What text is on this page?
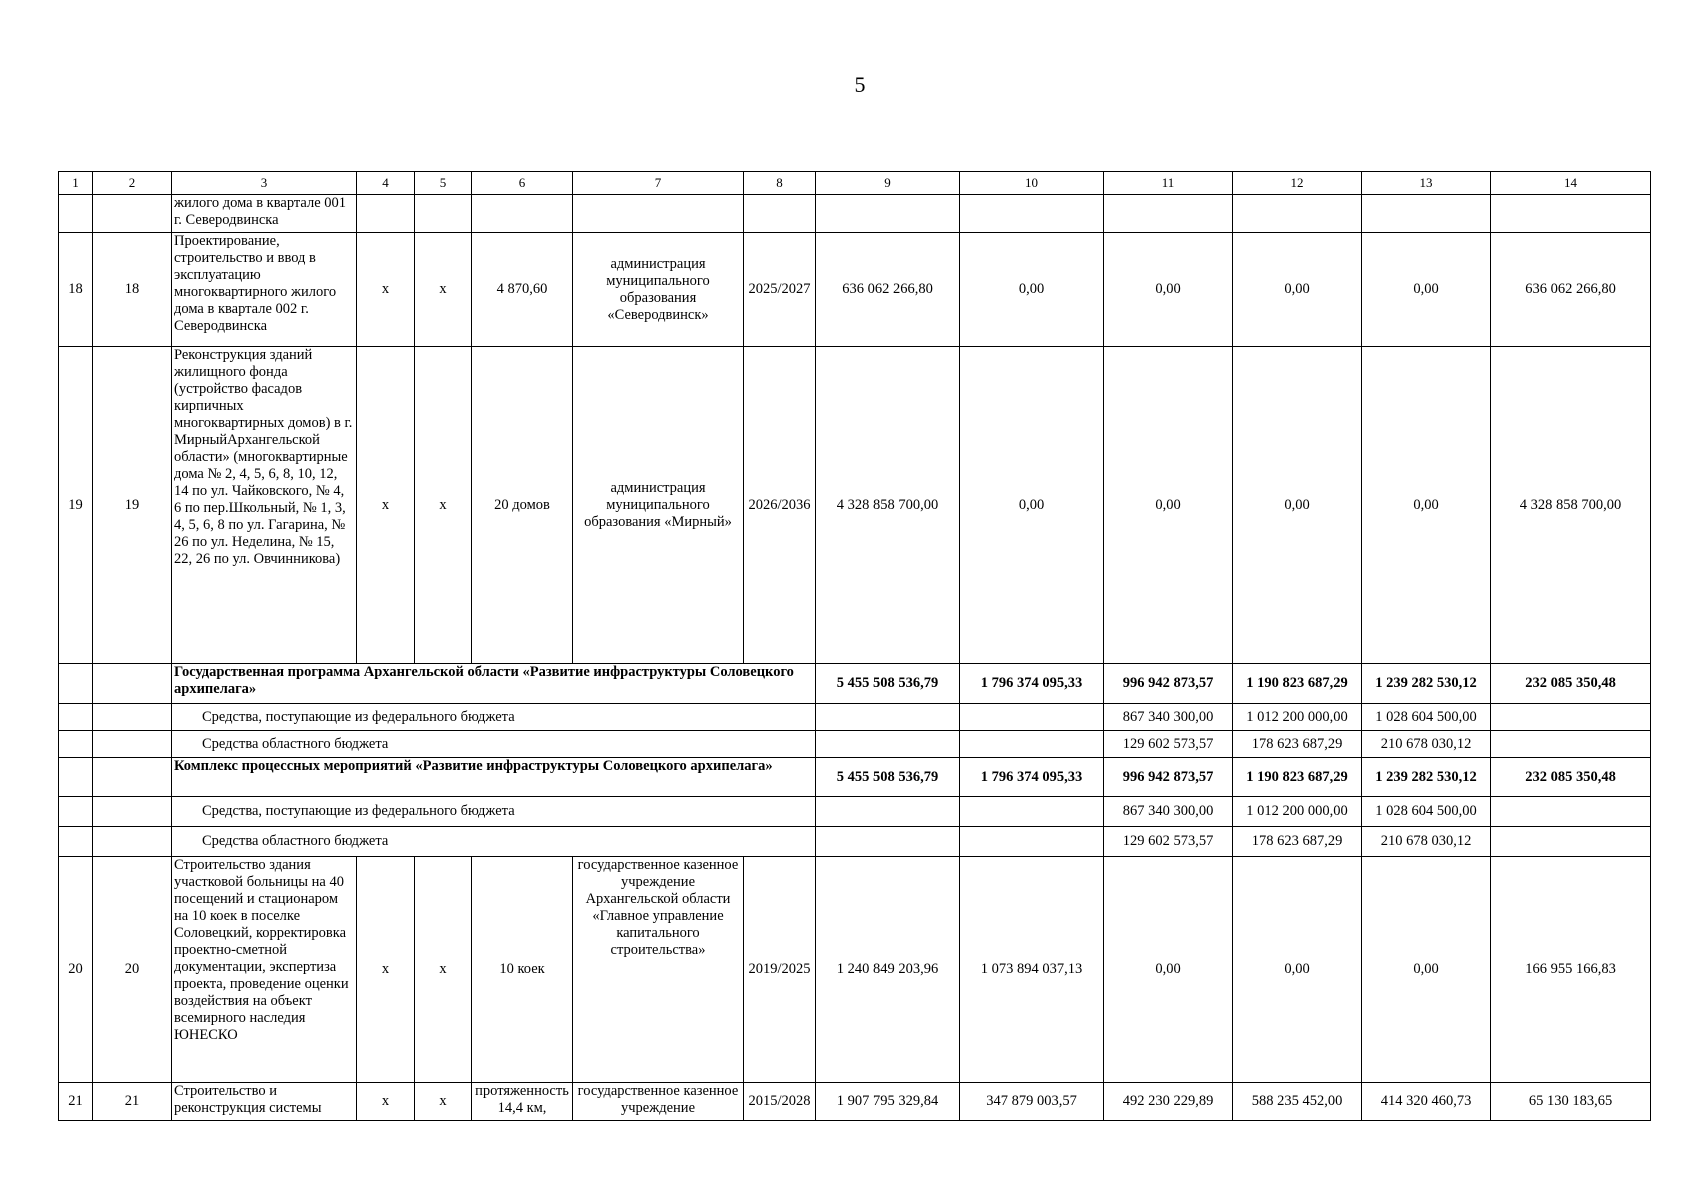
5
1	2	3	4	5	6	7	8	9	10	11	12	13	14
		жилого дома в квартале 001 г. Северодвинска											
18	18	Проектирование, строительство и ввод в эксплуатацию многоквартирного жилого дома в квартале 002 г. Северодвинска	х	х	4 870,60	администрация муниципального образования «Северодвинск»	2025/2027	636 062 266,80	0,00	0,00	0,00	0,00	636 062 266,80
19	19	Реконструкция зданий жилищного фонда (устройство фасадов кирпичных многоквартирных домов) в г. МирныйАрхангельской области» (многоквартирные дома № 2, 4, 5, 6, 8, 10, 12, 14 по ул. Чайковского, № 4, 6 по пер.Школьный, № 1, 3, 4, 5, 6, 8 по ул. Гагарина, № 26 по ул. Неделина, № 15, 22, 26 по ул. Овчинникова)	х	х	20 домов	администрация муниципального образования «Мирный»	2026/2036	4 328 858 700,00	0,00	0,00	0,00	0,00	4 328 858 700,00
		Государственная программа Архангельской области «Развитие инфраструктуры Соловецкого архипелага»						5 455 508 536,79	1 796 374 095,33	996 942 873,57	1 190 823 687,29	1 239 282 530,12	232 085 350,48
		Средства, поступающие из федерального бюджета								867 340 300,00	1 012 200 000,00	1 028 604 500,00	
		Средства областного бюджета								129 602 573,57	178 623 687,29	210 678 030,12	
		Комплекс процессных мероприятий «Развитие инфраструктуры Соловецкого архипелага»						5 455 508 536,79	1 796 374 095,33	996 942 873,57	1 190 823 687,29	1 239 282 530,12	232 085 350,48
		Средства, поступающие из федерального бюджета								867 340 300,00	1 012 200 000,00	1 028 604 500,00	
		Средства областного бюджета								129 602 573,57	178 623 687,29	210 678 030,12	
20	20	Строительство здания участковой больницы на 40 посещений и стационаром на 10 коек в поселке Соловецкий, корректировка проектно-сметной документации, экспертиза проекта, проведение оценки воздействия на объект всемирного наследия ЮНЕСКО	х	х	10 коек	государственное казенное учреждение Архангельской области «Главное управление капитального строительства»	2019/2025	1 240 849 203,96	1 073 894 037,13	0,00	0,00	0,00	166 955 166,83
21	21	Строительство и реконструкция системы	х	х	протяженность 14,4 км,	государственное казенное учреждение	2015/2028	1 907 795 329,84	347 879 003,57	492 230 229,89	588 235 452,00	414 320 460,73	65 130 183,65
